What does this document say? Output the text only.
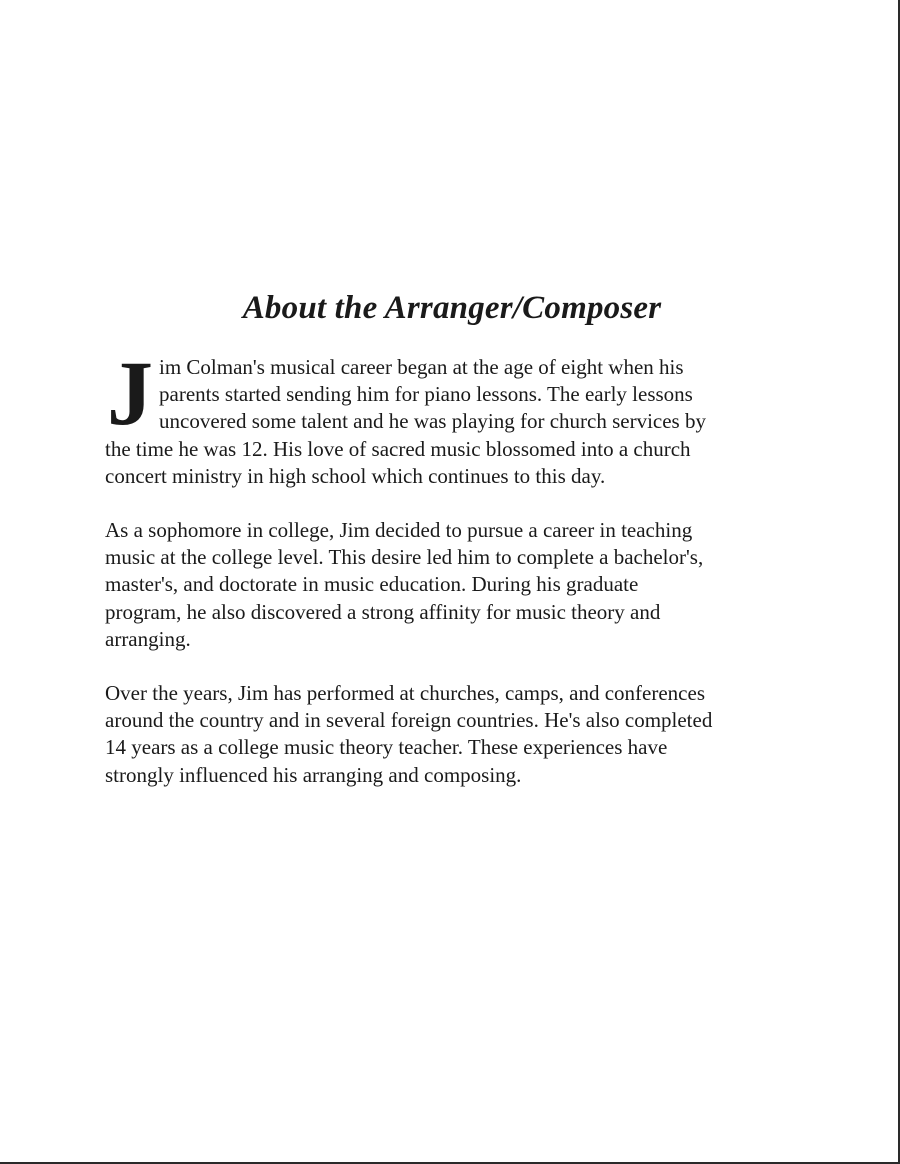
About the Arranger/Composer
J im Colman's musical career began at the age of eight when his
parents started sending him for piano lessons. The early lessons
uncovered some talent and he was playing for church services by
the time he was 12. His love of sacred music blossomed into a church
concert ministry in high school which continues to this day.
As a sophomore in college, Jim decided to pursue a career in teaching
music at the college level. This desire led him to complete a bachelor's,
master's, and doctorate in music education. During his graduate
program, he also discovered a strong affinity for music theory and
arranging.
Over the years, Jim has performed at churches, camps, and conferences
around the country and in several foreign countries. He's also completed
14 years as a college music theory teacher. These experiences have
strongly influenced his arranging and composing.
